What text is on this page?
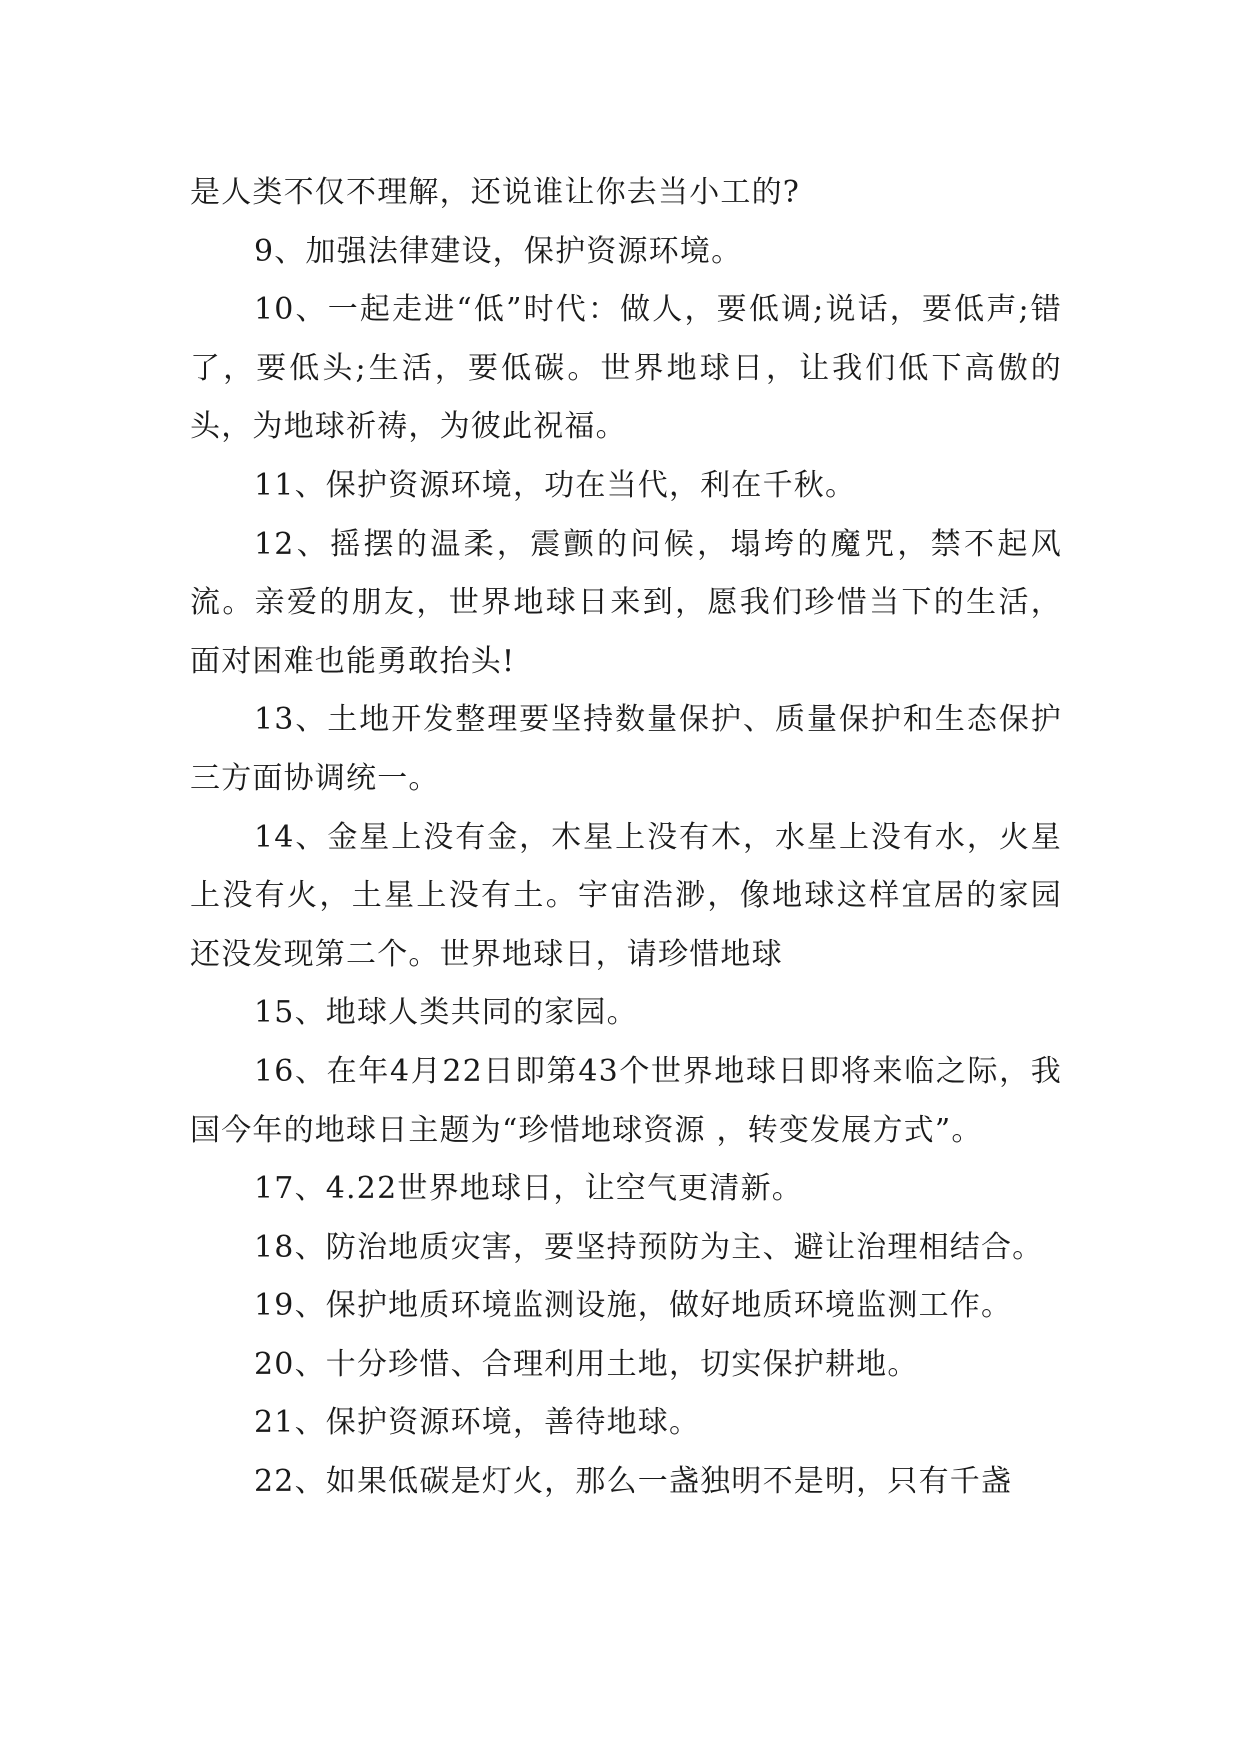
是人类不仅不理解，还说谁让你去当小工的?

9、加强法律建设，保护资源环境。

10、一起走进“低”时代：做人，要低调;说话，要低声;错了，要低头;生活，要低碳。世界地球日，让我们低下高傲的头，为地球祈祷，为彼此祝福。

11、保护资源环境，功在当代，利在千秋。

12、摇摆的温柔，震颤的问候，塌垮的魔咒，禁不起风流。亲爱的朋友，世界地球日来到，愿我们珍惜当下的生活，面对困难也能勇敢抬头!

13、土地开发整理要坚持数量保护、质量保护和生态保护三方面协调统一。

14、金星上没有金，木星上没有木，水星上没有水，火星上没有火，土星上没有土。宇宙浩渺，像地球这样宜居的家园还没发现第二个。世界地球日，请珍惜地球

15、地球人类共同的家园。

16、在年4月22日即第43个世界地球日即将来临之际，我国今年的地球日主题为“珍惜地球资源 ，转变发展方式”。

17、4.22世界地球日，让空气更清新。

18、防治地质灾害，要坚持预防为主、避让治理相结合。

19、保护地质环境监测设施，做好地质环境监测工作。

20、十分珍惜、合理利用土地，切实保护耕地。

21、保护资源环境，善待地球。

22、如果低碳是灯火，那么一盏独明不是明，只有千盏
